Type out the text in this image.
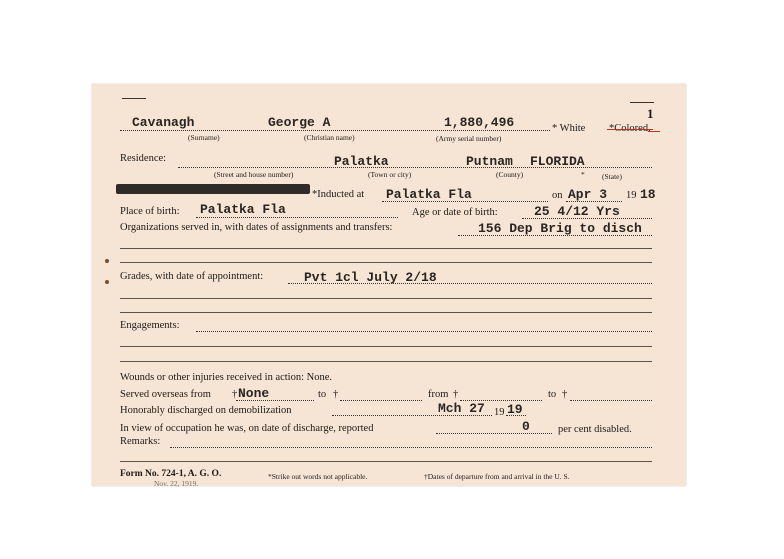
1
Cavanagh	George A	1,880,496	* White *Colored.
(Surname)	(Christian name)	(Army serial number)
Residence:	Palatka	Putnam FLORIDA
(Street and house number)	(Town or city)	(County)	* (State)
*Inducted at Palatka Fla	on Apr 3 19 18
Place of birth: Palatka Fla	Age or date of birth:	25 4/12 Yrs
Organizations served in, with dates of assignments and transfers:	156 Dep Brig to disch
Grades, with date of appointment:	Pvt 1cl July 2/18
Engagements:
Wounds or other injuries received in action: None.
Served overseas from † None	to †	from †	to †
Honorably discharged on demobilization	Mch 27 19 19
In view of occupation he was, on date of discharge, reported	0	per cent disabled.
Remarks:
Form No. 724-1, A. G. O.
Nov. 22, 1919.
*Strike out words not applicable.	†Dates of departure from and arrival in the U. S.
